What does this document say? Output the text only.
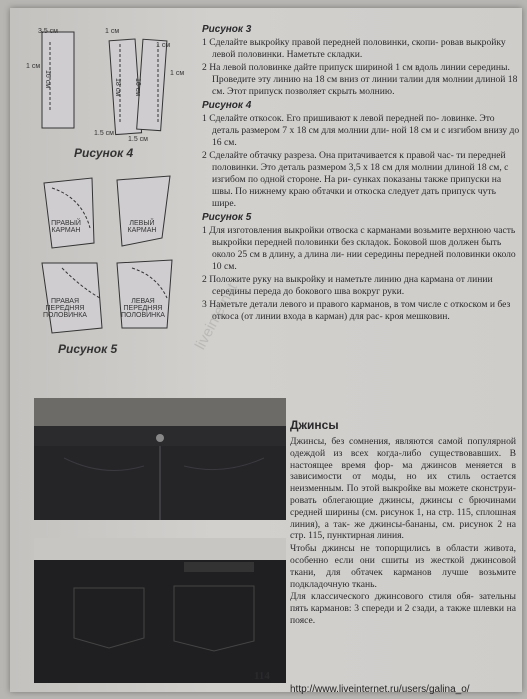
3.5 см
1 см
1.5 см
1 см
1 см
1 см
1.5 см
16 см	18 см 16 см
Рисунок 4
ПРАВЫЙ КАРМАН
ЛЕВЫЙ КАРМАН
ПРАВАЯ ПЕРЕДНЯЯ ПОЛОВИНКА
ЛЕВАЯ ПЕРЕДНЯЯ ПОЛОВИНКА
Рисунок 5

Рисунок 3

1 Сделайте выкройку правой передней половинки, скопи- ровав выкройку левой половинки. Наметьте складки.

2 На левой половинке дайте припуск шириной 1 см вдоль линии середины. Проведите эту линию на 18 см вниз от линии талии для молнии длиной 18 см. Этот припуск позволяет скрыть молнию.

Рисунок 4

1 Сделайте откосок. Его пришивают к левой передней по- ловинке. Это деталь размером 7 х 18 см для молнии дли- ной 18 см и с изгибом внизу до 16 см.

2 Сделайте обтачку разреза. Она притачивается к правой час- ти передней половинки. Это деталь размером 3,5 х 18 см для молнии длиной 18 см, с изгибом по одной стороне. На ри- сунках показаны также припуски на швы. По нижнему краю обтачки и откоска следует дать припуск чуть шире.

Рисунок 5

1 Для изготовления выкройки отвоска с карманами возьмите верхнюю часть выкройки передней половинки без складок. Боковой шов должен быть около 25 см в длину, а длина ли- нии середины передней половинки около 10 см.

2 Положите руку на выкройку и наметьте линию дна кармана от линии середины переда до бокового шва вокруг руки.

3 Наметьте детали левого и правого карманов, в том числе с откоском и без откоса (от линии входа в карман) для рас- кроя мешковин.

liveinternet
Джинсы

Джинсы, без сомнения, являются самой популярной одеждой из всех когда-либо существовавших. В настоящее время фор- ма джинсов меняется в зависимости от моды, но их стиль остается неизменным. По этой выкройке вы можете сконструи- ровать облегающие джинсы, джинсы с брючинами средней ширины (см. рисунок 1, на стр. 115, сплошная линия), а так- же джинсы-бананы, см. рисунок 2 на стр. 115, пунктирная линия.

Чтобы джинсы не топорщились в области живота, особенно если они сшиты из жесткой джинсовой ткани, для обтачек карманов лучше возьмите подкладочную ткань.

Для классического джинсового стиля обя- зательны пять карманов: 3 спереди и 2 сзади, а также шлевки на поясе.

114
http://www.liveinternet.ru/users/galina_o/
